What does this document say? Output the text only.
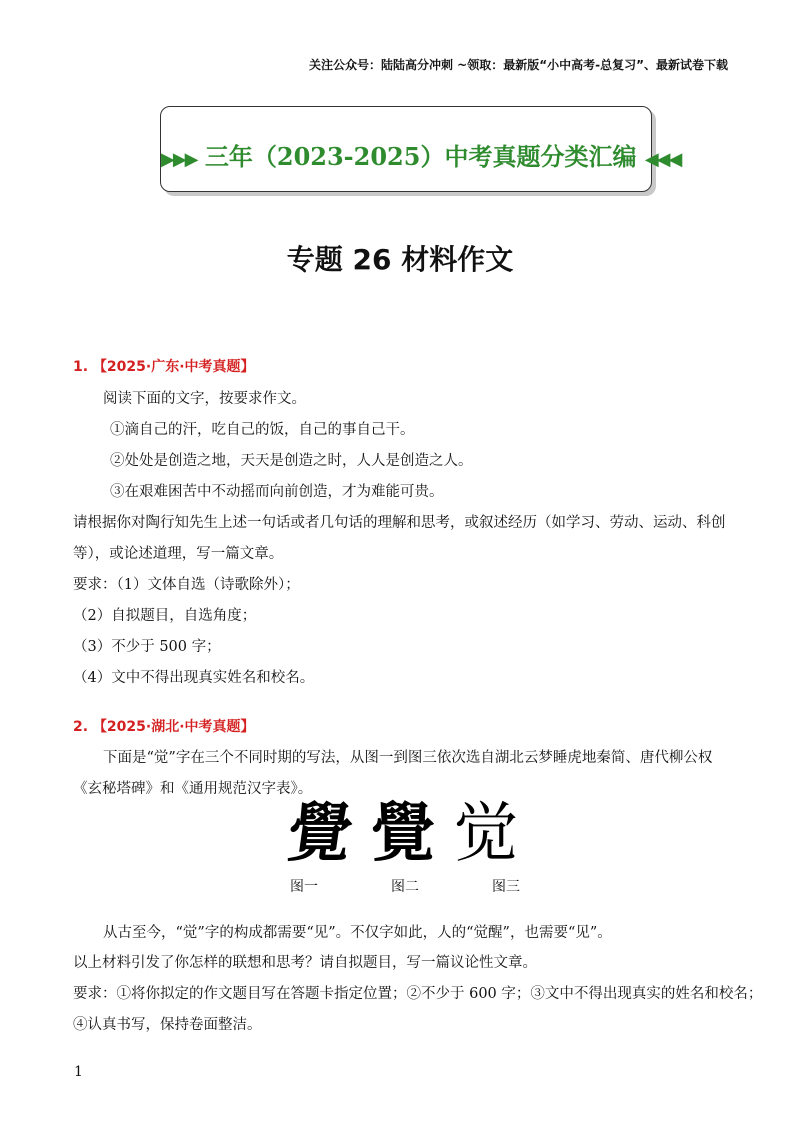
关注公众号：陆陆高分冲刺 ~领取：最新版“小中高考-总复习”、最新试卷下载
▶▶▶ 三年（2023-2025）中考真题分类汇编 ◀◀◀
专题 26 材料作文
1. 【2025·广东·中考真题】
阅读下面的文字，按要求作文。
①滴自己的汗，吃自己的饭，自己的事自己干。
②处处是创造之地，天天是创造之时，人人是创造之人。
③在艰难困苦中不动摇而向前创造，才为难能可贵。
请根据你对陶行知先生上述一句话或者几句话的理解和思考，或叙述经历（如学习、劳动、运动、科创
等），或论述道理，写一篇文章。
要求：（1）文体自选（诗歌除外）；
（2）自拟题目，自选角度；
（3）不少于 500 字；
（4）文中不得出现真实姓名和校名。
2. 【2025·湖北·中考真题】
下面是“觉”字在三个不同时期的写法，从图一到图三依次选自湖北云梦睡虎地秦简、唐代柳公权
《玄秘塔碑》和《通用规范汉字表》。
覺 覺 觉
图一	图二	图三
从古至今，“觉”字的构成都需要“见”。不仅字如此，人的“觉醒”，也需要“见”。
以上材料引发了你怎样的联想和思考？请自拟题目，写一篇议论性文章。
要求：①将你拟定的作文题目写在答题卡指定位置；②不少于 600 字；③文中不得出现真实的姓名和校名；
④认真书写，保持卷面整洁。
1
